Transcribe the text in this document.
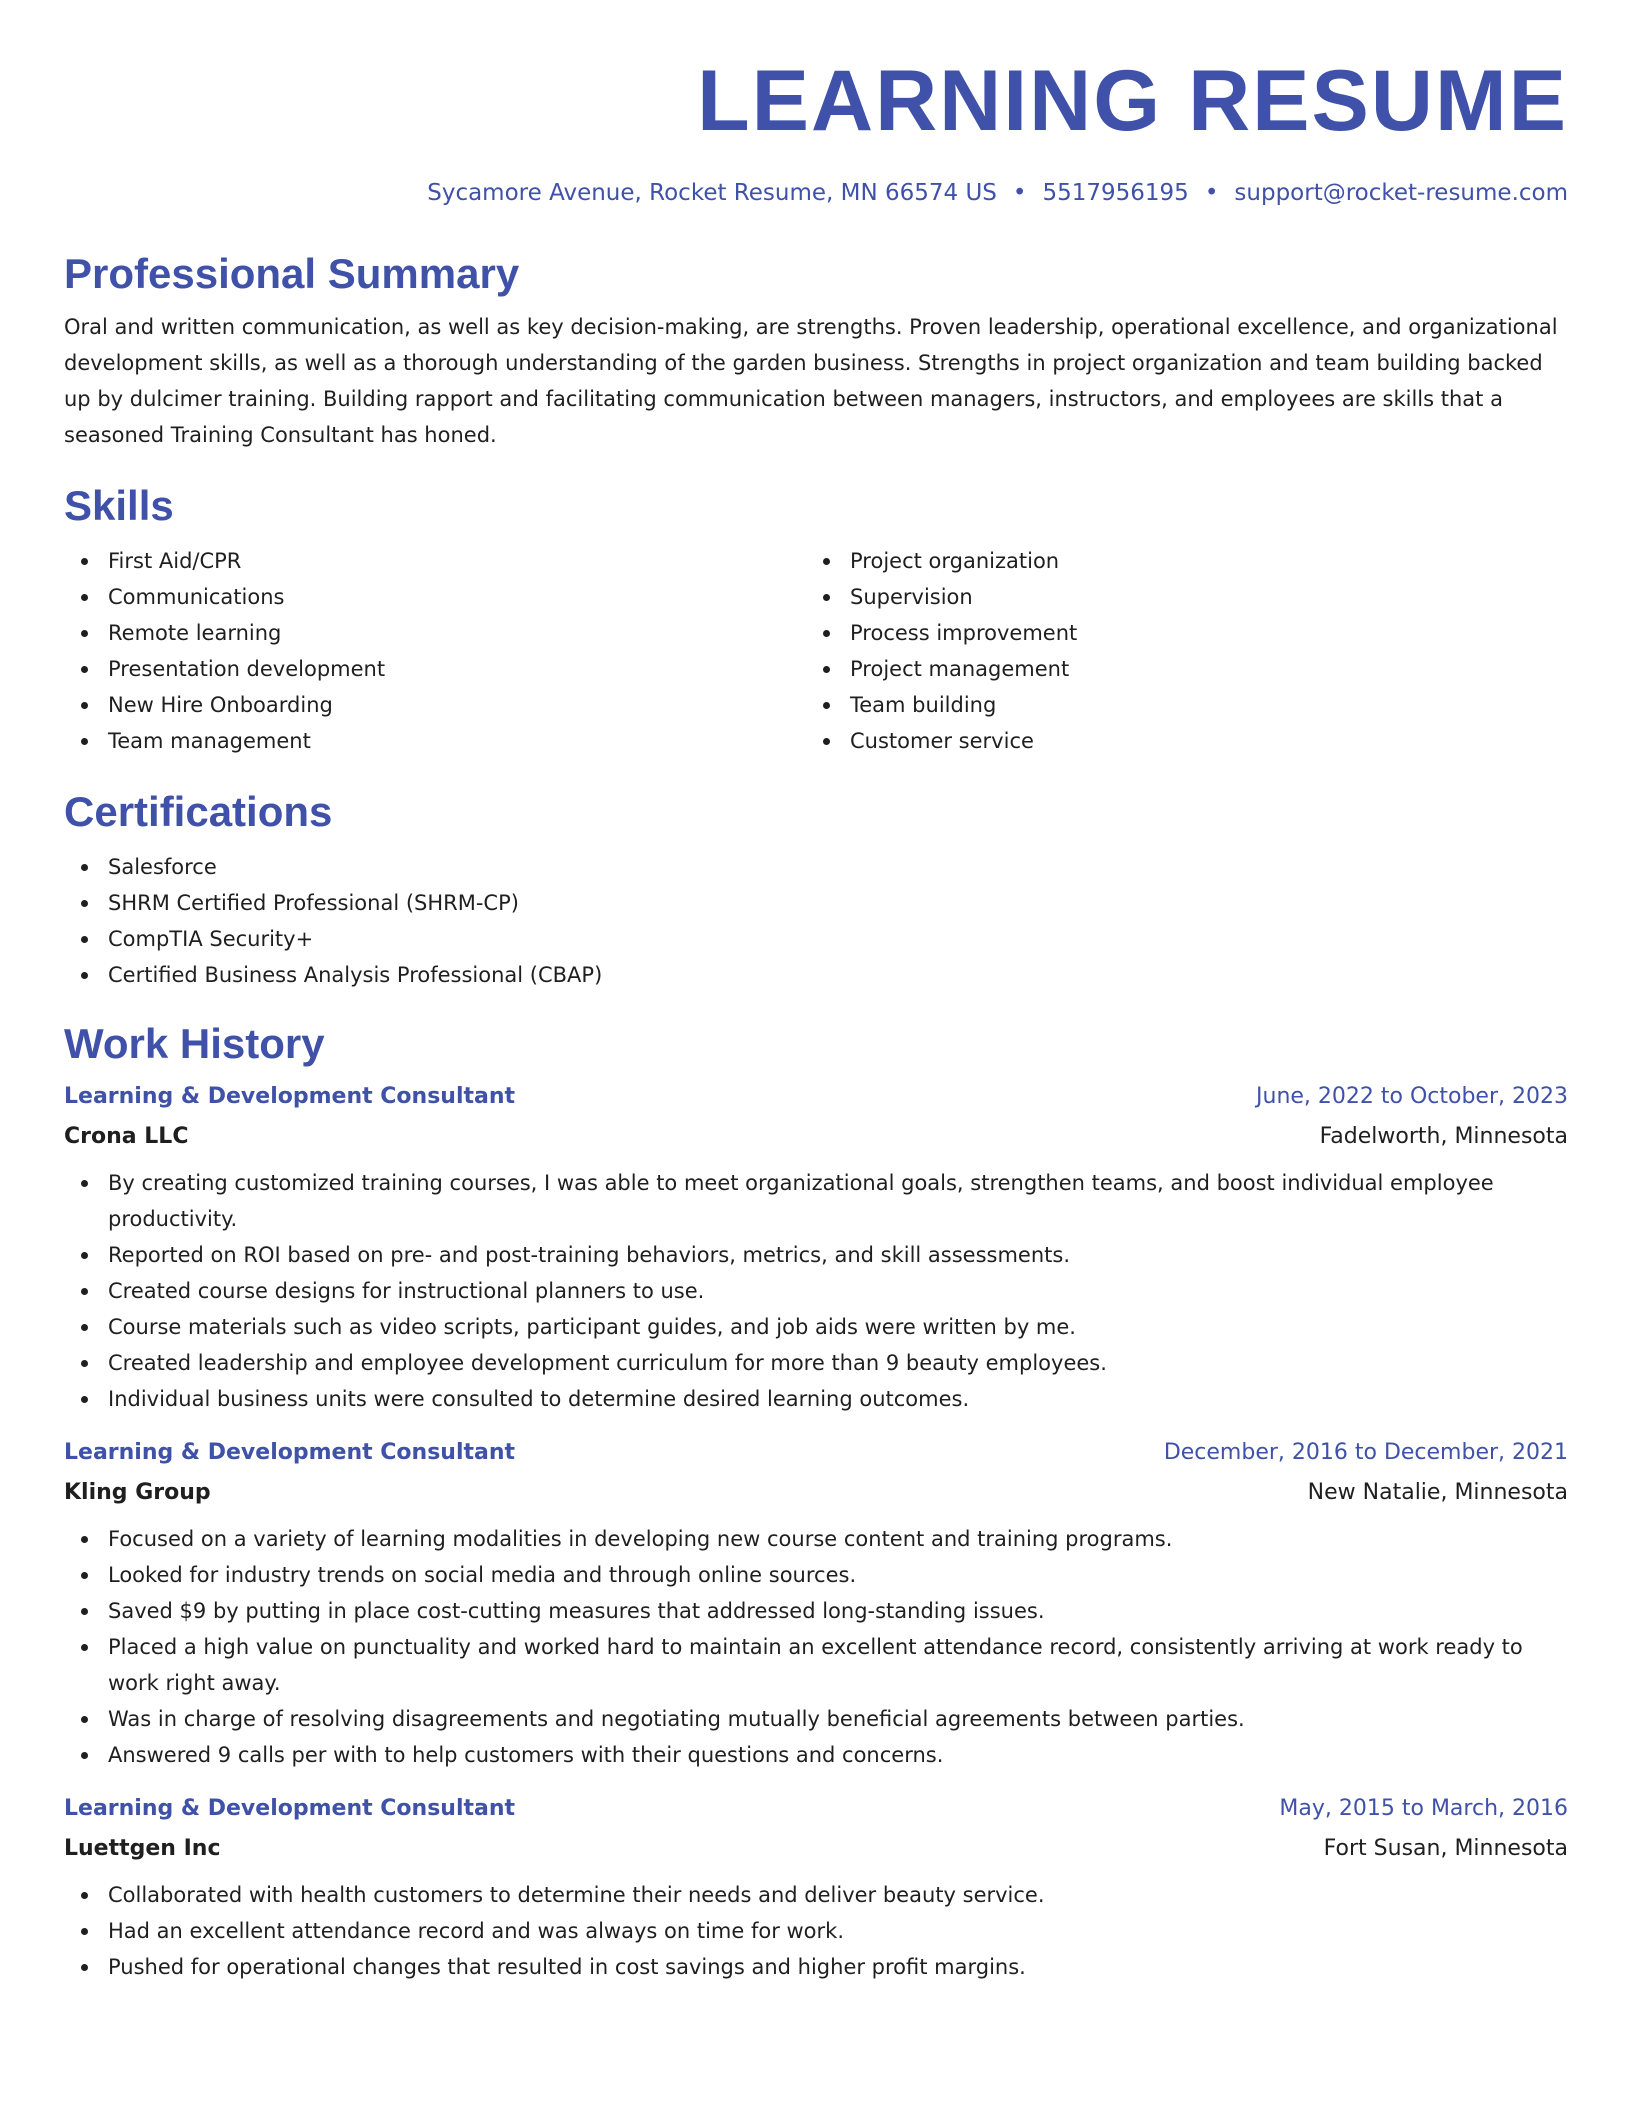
LEARNING RESUME
Sycamore Avenue, Rocket Resume, MN 66574 US • 5517956195 • support@rocket-resume.com
Professional Summary

Oral and written communication, as well as key decision-making, are strengths. Proven leadership, operational excellence, and organizational development skills, as well as a thorough understanding of the garden business. Strengths in project organization and team building backed up by dulcimer training. Building rapport and facilitating communication between managers, instructors, and employees are skills that a seasoned Training Consultant has honed.

Skills
First Aid/CPR
Communications
Remote learning
Presentation development
New Hire Onboarding
Team management
Project organization
Supervision
Process improvement
Project management
Team building
Customer service
Certifications
Salesforce
SHRM Certified Professional (SHRM-CP)
CompTIA Security+
Certified Business Analysis Professional (CBAP)
Work History
Learning & Development Consultant	June, 2022 to October, 2023
Crona LLC	Fadelworth, Minnesota
By creating customized training courses, I was able to meet organizational goals, strengthen teams, and boost individual employee productivity.
Reported on ROI based on pre- and post-training behaviors, metrics, and skill assessments.
Created course designs for instructional planners to use.
Course materials such as video scripts, participant guides, and job aids were written by me.
Created leadership and employee development curriculum for more than 9 beauty employees.
Individual business units were consulted to determine desired learning outcomes.
Learning & Development Consultant	December, 2016 to December, 2021
Kling Group	New Natalie, Minnesota
Focused on a variety of learning modalities in developing new course content and training programs.
Looked for industry trends on social media and through online sources.
Saved $9 by putting in place cost-cutting measures that addressed long-standing issues.
Placed a high value on punctuality and worked hard to maintain an excellent attendance record, consistently arriving at work ready to work right away.
Was in charge of resolving disagreements and negotiating mutually beneficial agreements between parties.
Answered 9 calls per with to help customers with their questions and concerns.
Learning & Development Consultant	May, 2015 to March, 2016
Luettgen Inc	Fort Susan, Minnesota
Collaborated with health customers to determine their needs and deliver beauty service.
Had an excellent attendance record and was always on time for work.
Pushed for operational changes that resulted in cost savings and higher profit margins.
